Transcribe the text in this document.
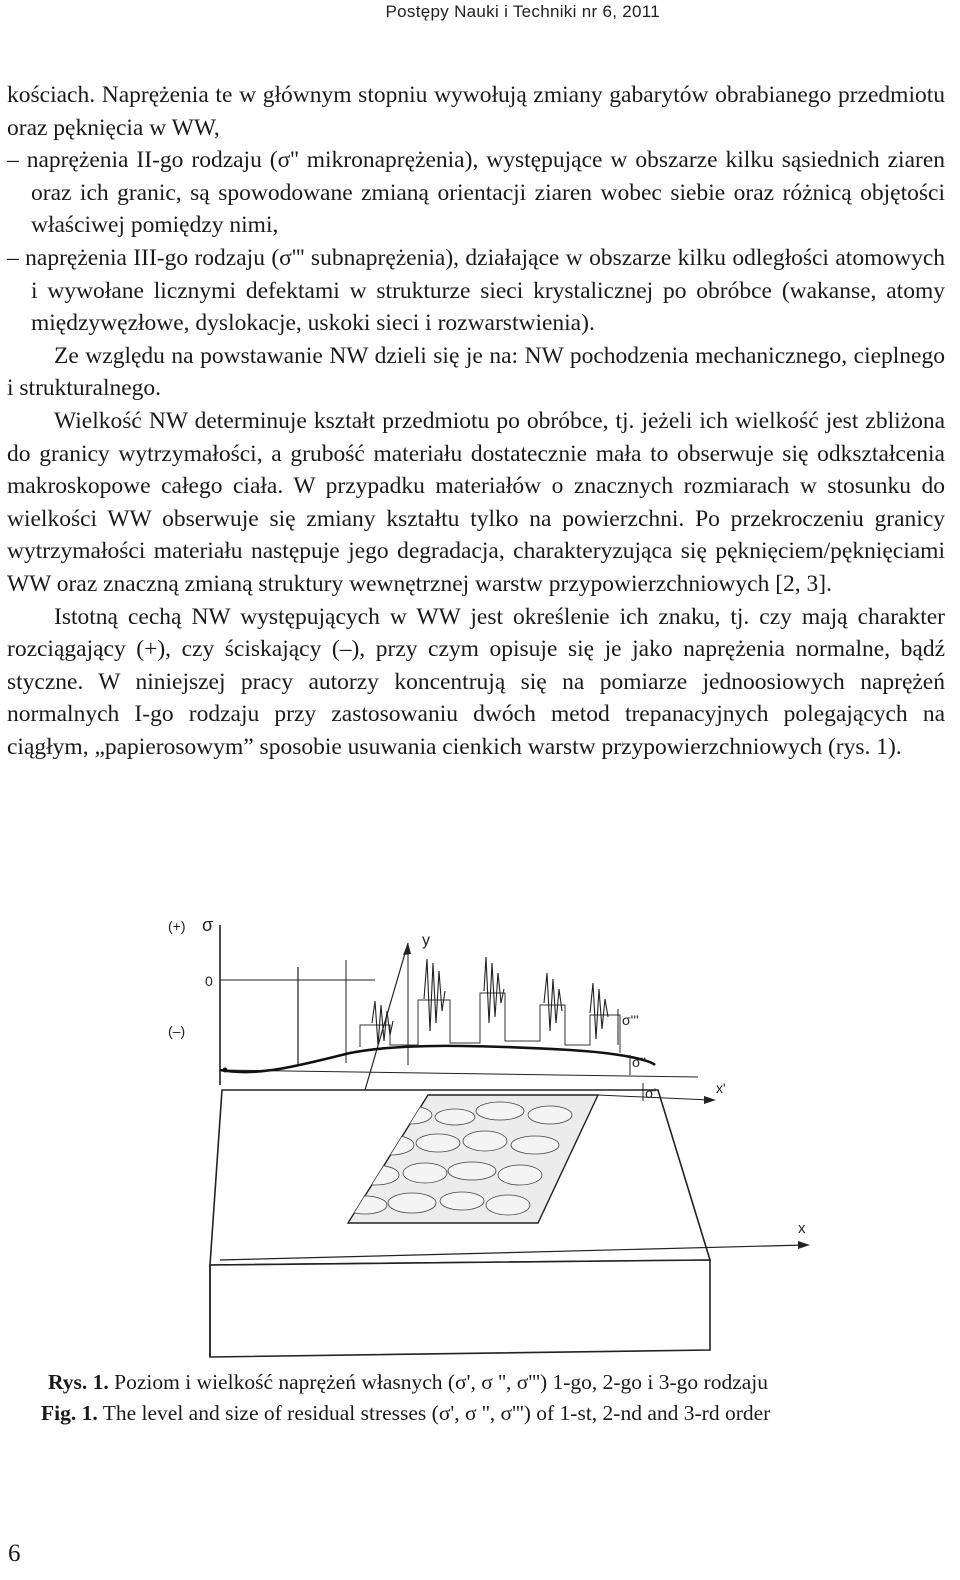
Postępy Nauki i Techniki nr 6, 2011

kościach. Naprężenia te w głównym stopniu wywołują zmiany gabarytów obrabianego przedmiotu oraz pęknięcia w WW,

– naprężenia II-go rodzaju (σ'' mikronaprężenia), występujące w obszarze kilku sąsiednich ziaren oraz ich granic, są spowodowane zmianą orientacji ziaren wobec siebie oraz różnicą objętości właściwej pomiędzy nimi,

– naprężenia III-go rodzaju (σ''' subnaprężenia), działające w obszarze kilku odległości atomowych i wywołane licznymi defektami w strukturze sieci krystalicznej po obróbce (wakanse, atomy międzywęzłowe, dyslokacje, uskoki sieci i rozwarstwienia).

Ze względu na powstawanie NW dzieli się je na: NW pochodzenia mechanicznego, cieplnego i strukturalnego.

Wielkość NW determinuje kształt przedmiotu po obróbce, tj. jeżeli ich wielkość jest zbliżona do granicy wytrzymałości, a grubość materiału dostatecznie mała to obserwuje się odkształcenia makroskopowe całego ciała. W przypadku materiałów o znacznych rozmiarach w stosunku do wielkości WW obserwuje się zmiany kształtu tylko na powierzchni. Po przekroczeniu granicy wytrzymałości materiału następuje jego degradacja, charakteryzująca się pęknięciem/pęknięciami WW oraz znaczną zmianą struktury wewnętrznej warstw przypowierzchniowych [2, 3].

Istotną cechą NW występujących w WW jest określenie ich znaku, tj. czy mają charakter rozciągający (+), czy ściskający (–), przy czym opisuje się je jako naprężenia normalne, bądź styczne. W niniejszej pracy autorzy koncentrują się na pomiarze jednoosiowych naprężeń normalnych I-go rodzaju przy zastosowaniu dwóch metod trepanacyjnych polegających na ciągłym, „papierosowym” sposobie usuwania cienkich warstw przypowierzchniowych (rys. 1).

(+) σ
0
(–)
y
x
x'
σ'''
σ''
σ'
Rys. 1. Poziom i wielkość naprężeń własnych (σ', σ '', σ''') 1-go, 2-go i 3-go rodzaju
Fig. 1. The level and size of residual stresses (σ', σ '', σ''') of 1-st, 2-nd and 3-rd order
6
